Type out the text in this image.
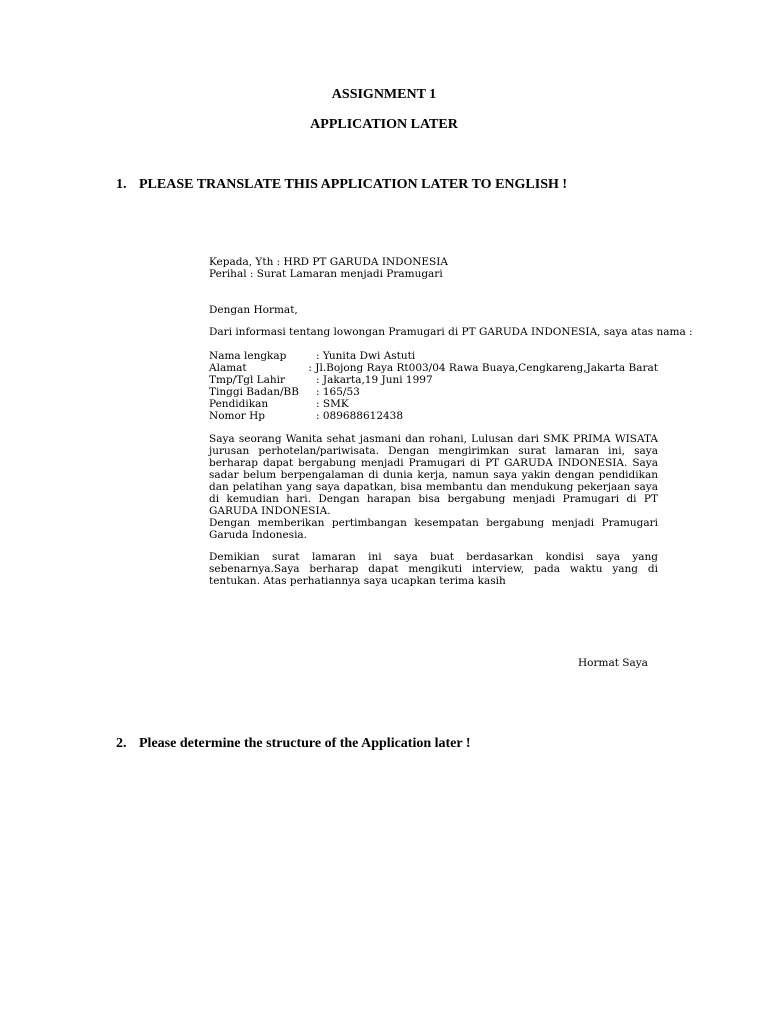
ASSIGNMENT 1
APPLICATION LATER
1. PLEASE TRANSLATE THIS APPLICATION LATER TO ENGLISH !
Kepada, Yth : HRD PT GARUDA INDONESIA
Perihal : Surat Lamaran menjadi Pramugari
Dengan Hormat,
Dari informasi tentang lowongan Pramugari di PT GARUDA INDONESIA, saya atas nama :
Nama lengkap	: Yunita Dwi Astuti
Alamat	: Jl.Bojong Raya Rt003/04 Rawa Buaya,Cengkareng,Jakarta Barat
Tmp/Tgl Lahir	: Jakarta,19 Juni 1997
Tinggi Badan/BB	: 165/53
Pendidikan	: SMK
Nomor Hp	: 089688612438
Saya seorang Wanita sehat jasmani dan rohani, Lulusan dari SMK PRIMA WISATA jurusan perhotelan/pariwisata. Dengan mengirimkan surat lamaran ini, saya berharap dapat bergabung menjadi Pramugari di PT GARUDA INDONESIA. Saya sadar belum berpengalaman di dunia kerja, namun saya yakin dengan pendidikan dan pelatihan yang saya dapatkan, bisa membantu dan mendukung pekerjaan saya di kemudian hari. Dengan harapan bisa bergabung menjadi Pramugari di PT GARUDA INDONESIA.
Dengan memberikan pertimbangan kesempatan bergabung menjadi Pramugari Garuda Indonesia.
Demikian surat lamaran ini saya buat berdasarkan kondisi saya yang sebenarnya.Saya berharap dapat mengikuti interview, pada waktu yang di tentukan. Atas perhatiannya saya ucapkan terima kasih
Hormat Saya
2. Please determine the structure of the Application later !
